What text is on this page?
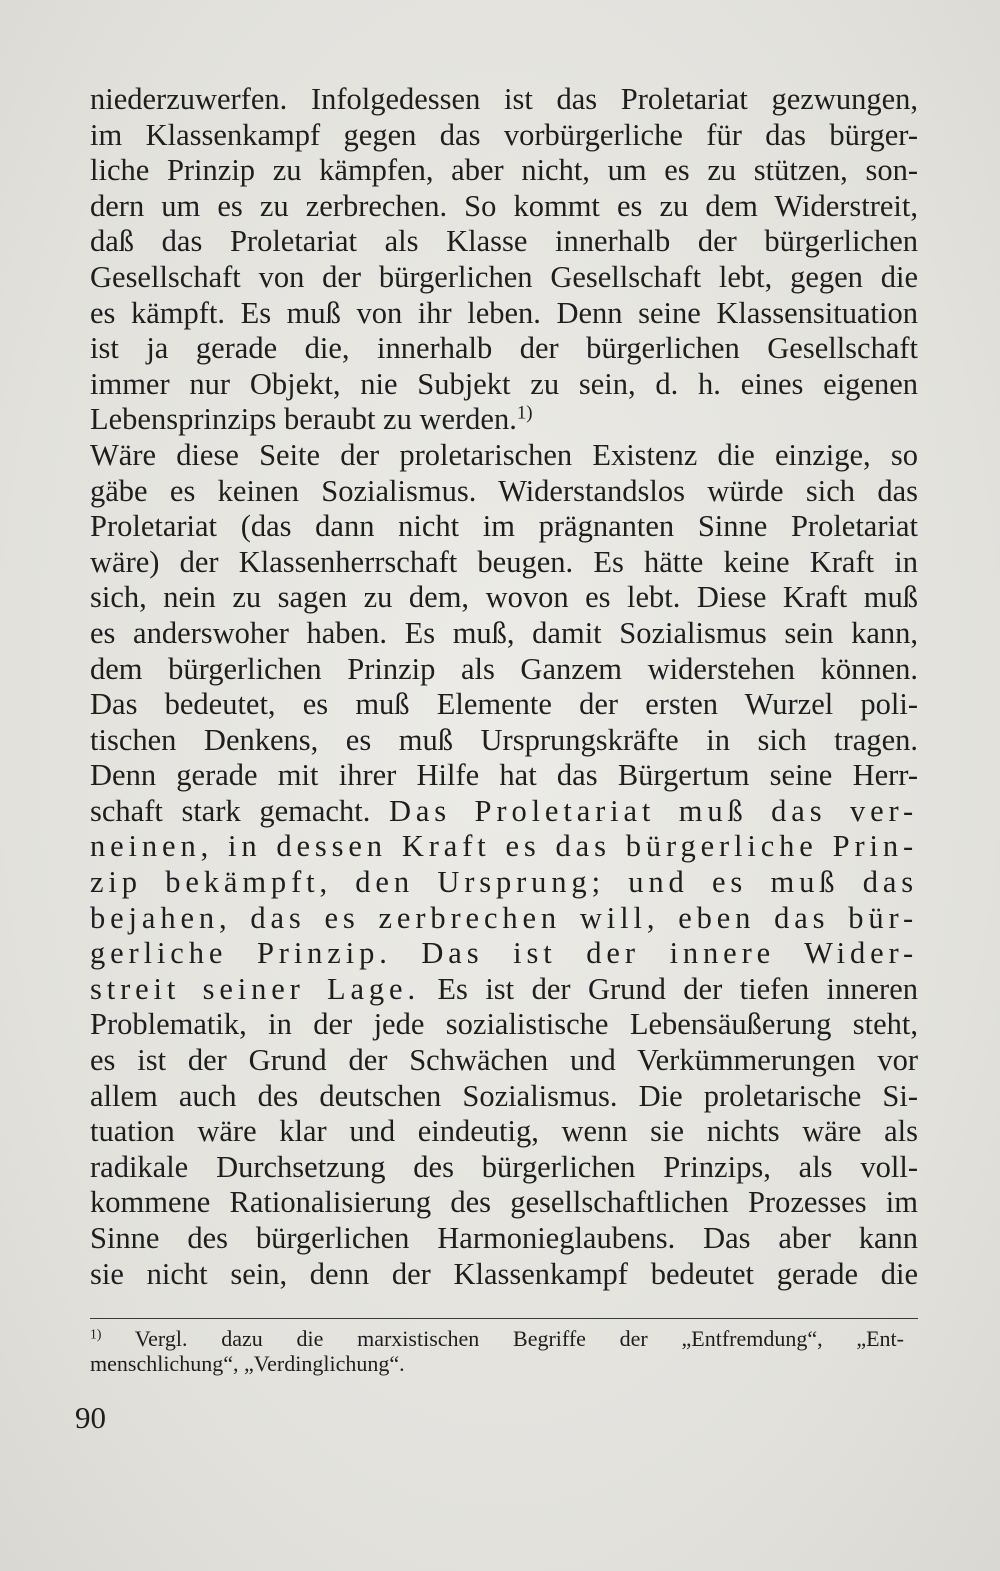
niederzuwerfen. Infolgedessen ist das Proletariat gezwungen,
im Klassenkampf gegen das vorbürgerliche für das bürger-
liche Prinzip zu kämpfen, aber nicht, um es zu stützen, son-
dern um es zu zerbrechen. So kommt es zu dem Widerstreit,
daß das Proletariat als Klasse innerhalb der bürgerlichen
Gesellschaft von der bürgerlichen Gesellschaft lebt, gegen die
es kämpft. Es muß von ihr leben. Denn seine Klassensituation
ist ja gerade die, innerhalb der bürgerlichen Gesellschaft
immer nur Objekt, nie Subjekt zu sein, d. h. eines eigenen
Lebensprinzips beraubt zu werden.$^{1)}$
Wäre diese Seite der proletarischen Existenz die einzige, so
gäbe es keinen Sozialismus. Widerstandslos würde sich das
Proletariat (das dann nicht im prägnanten Sinne Proletariat
wäre) der Klassenherrschaft beugen. Es hätte keine Kraft in
sich, nein zu sagen zu dem, wovon es lebt. Diese Kraft muß
es anderswoher haben. Es muß, damit Sozialismus sein kann,
dem bürgerlichen Prinzip als Ganzem widerstehen können.
Das bedeutet, es muß Elemente der ersten Wurzel poli-
tischen Denkens, es muß Ursprungskräfte in sich tragen.
Denn gerade mit ihrer Hilfe hat das Bürgertum seine Herr-
schaft stark gemacht. Das Proletariat muß das ver-
neinen, in dessen Kraft es das bürgerliche Prin-
zip bekämpft, den Ursprung; und es muß das
bejahen, das es zerbrechen will, eben das bür-
gerliche Prinzip. Das ist der innere Wider-
streit seiner Lage. Es ist der Grund der tiefen inneren
Problematik, in der jede sozialistische Lebensäußerung steht,
es ist der Grund der Schwächen und Verkümmerungen vor
allem auch des deutschen Sozialismus. Die proletarische Si-
tuation wäre klar und eindeutig, wenn sie nichts wäre als
radikale Durchsetzung des bürgerlichen Prinzips, als voll-
kommene Rationalisierung des gesellschaftlichen Prozesses im
Sinne des bürgerlichen Harmonieglaubens. Das aber kann
sie nicht sein, denn der Klassenkampf bedeutet gerade die
$^{1)}$ Vergl. dazu die marxistischen Begriffe der „Entfremdung“, „Ent-
menschlichung“, „Verdinglichung“.
90
